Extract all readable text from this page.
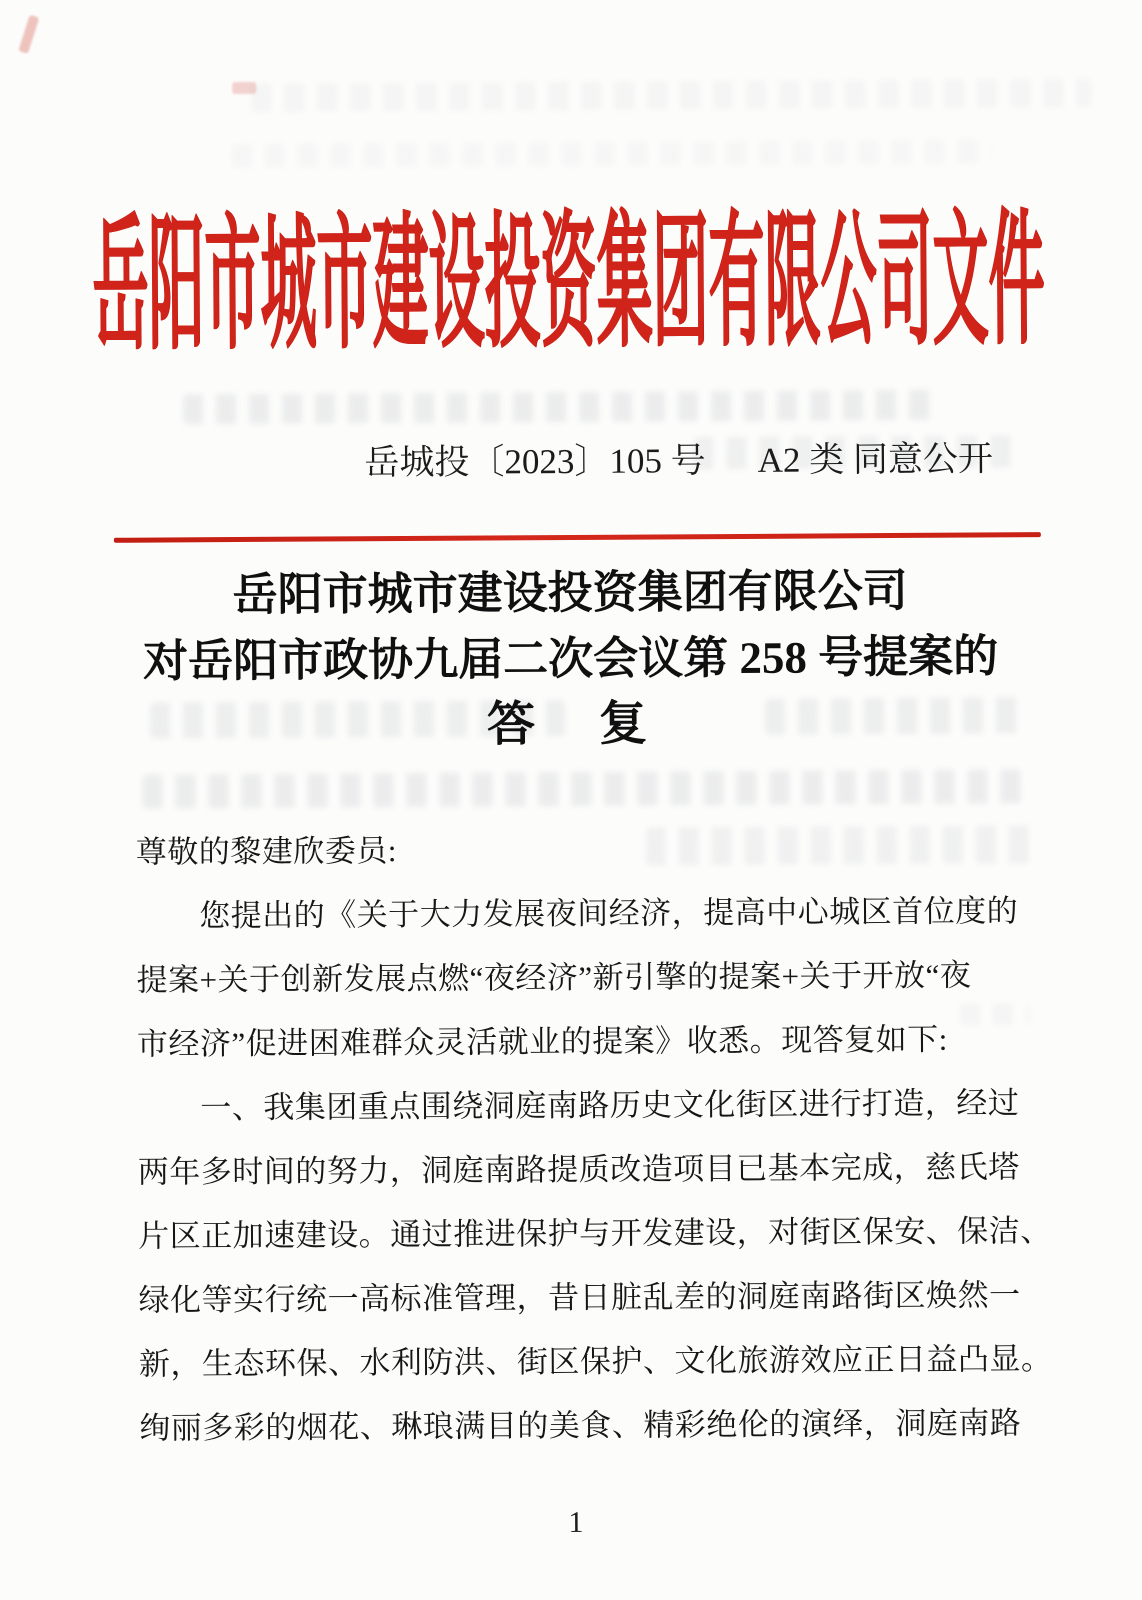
岳阳市城市建设投资集团有限公司文件
岳城投〔2023〕105 号 A2 类 同意公开
岳阳市城市建设投资集团有限公司
对岳阳市政协九届二次会议第 258 号提案的
答　复
尊敬的黎建欣委员:
您提出的《关于大力发展夜间经济，提高中心城区首位度的
提案+关于创新发展点燃“夜经济”新引擎的提案+关于开放“夜
市经济”促进困难群众灵活就业的提案》收悉。现答复如下:
一、我集团重点围绕洞庭南路历史文化街区进行打造，经过
两年多时间的努力，洞庭南路提质改造项目已基本完成，慈氏塔
片区正加速建设。通过推进保护与开发建设，对街区保安、保洁、
绿化等实行统一高标准管理，昔日脏乱差的洞庭南路街区焕然一
新，生态环保、水利防洪、街区保护、文化旅游效应正日益凸显。
绚丽多彩的烟花、琳琅满目的美食、精彩绝伦的演绎，洞庭南路
1
